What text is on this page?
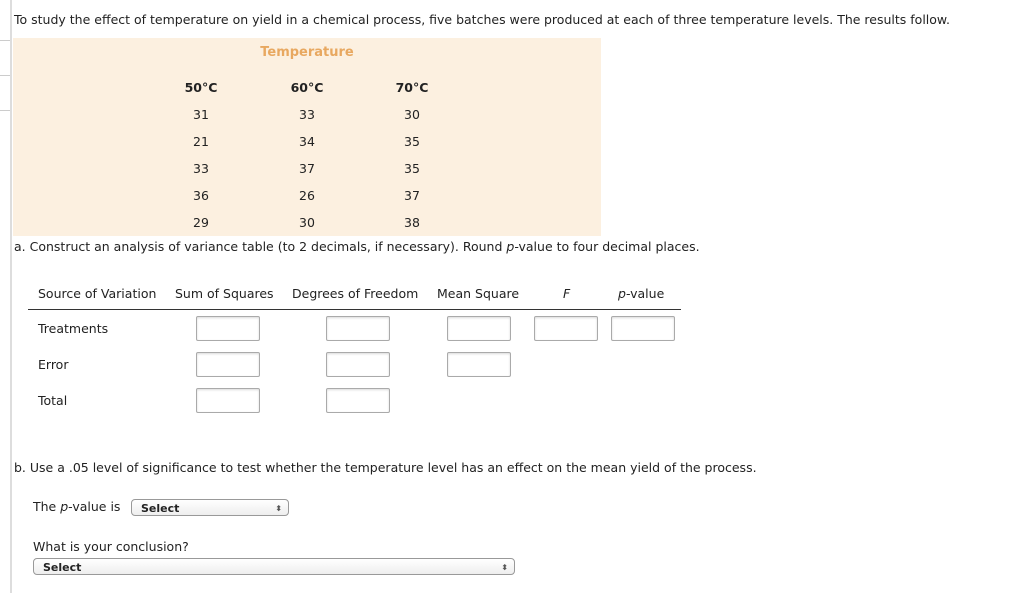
To study the effect of temperature on yield in a chemical process, five batches were produced at each of three temperature levels. The results follow.
Temperature
50°C	60°C	70°C
31	33	30
21	34	35
33	37	35
36	26	37
29	30	38
a. Construct an analysis of variance table (to 2 decimals, if necessary). Round p-value to four decimal places.
Source of Variation Sum of Squares Degrees of Freedom Mean Square	F	p-value
Treatments
Error
Total
b. Use a .05 level of significance to test whether the temperature level has an effect on the mean yield of the process.
The p-value is	Select	⬍
What is your conclusion?
Select	⬍
